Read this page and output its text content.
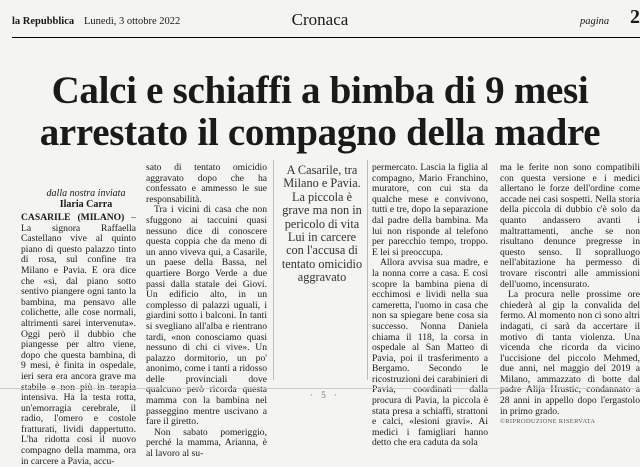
la Repubblica Lunedì, 3 ottobre 2022	Cronaca	pagina 2
Calci e schiaffi a bimba di 9 mesi
arrestato il compagno della madre
dalla nostra inviata
Ilaria Carra

CASARILE (MILANO) – La signora Raffaella Castellano vive al quinto piano di questo palazzo tinto di rosa, sul confine tra Milano e Pavia. E ora dice che «sì, dal piano sotto sentivo piangere ogni tanto la bambina, ma pensavo alle colichette, alle cose normali, altrimenti sarei intervenuta». Oggi però il dubbio che piangesse per altro viene, dopo che questa bambina, di 9 mesi, è finita in ospedale, ieri sera era ancora grave ma stabile e non più in terapia intensiva. Ha la testa rotta, un'emorragia cerebrale, il radio, l'omero e costole fratturati, lividi dappertutto. L'ha ridotta così il nuovo compagno della mamma, ora in carcere a Pavia, accu-

sato di tentato omicidio aggravato dopo che ha confessato e ammesso le sue responsabilità.

Tra i vicini di casa che non sfuggono ai taccuini quasi nessuno dice di conoscere questa coppia che da meno di un anno viveva qui, a Casarile, un paese della Bassa, nel quartiere Borgo Verde a due passi dalla statale dei Giovi. Un edificio alto, in un complesso di palazzi uguali, i giardini sotto i balconi. In tanti si svegliano all'alba e rientrano tardi, «non conosciamo quasi nessuno di chi ci vive». Un palazzo dormitorio, un po' anonimo, come i tanti a ridosso delle provinciali dove qualcuno però ricorda questa mamma con la bambina nel passeggino mentre uscivano a fare il giretto.

Non sabato pomeriggio, perché la mamma, Arianna, è al lavoro al su-

A Casarile, tra Milano e Pavia. La piccola è grave ma non in pericolo di vita Lui in carcere con l'accusa di tentato omicidio aggravato

permercato. Lascia la figlia al compagno, Mario Franchino, muratore, con cui sta da qualche mese e convivono, tutti e tre, dopo la separazione dal padre della bambina. Ma lui non risponde al telefono per parecchio tempo, troppo. E lei si preoccupa.

Allora avvisa sua madre, e la nonna corre a casa. E così scopre la bambina piena di ecchimosi e lividi nella sua cameretta, l'uomo in casa che non sa spiegare bene cosa sia successo. Nonna Daniela chiama il 118, la corsa in ospedale al San Matteo di Pavia, poi il trasferimento a Bergamo. Secondo le ricostruzioni dei carabinieri di Pavia, coordinati dalla procura di Pavia, la piccola è stata presa a schiaffi, strattoni e calci, «lesioni gravi». Ai medici i famigliari hanno detto che era caduta da sola

ma le ferite non sono compatibili con questa versione e i medici allertano le forze dell'ordine come accade nei casi sospetti. Nella storia della piccola di dubbio c'è solo da quanto andassero avanti i maltrattamenti, anche se non risultano denunce pregresse in questo senso. Il sopralluogo nell'abitazione ha permesso di trovare riscontri alle ammissioni dell'uomo, incensurato.

La procura nelle prossime ore chiederà al gip la convalida del fermo. Al momento non ci sono altri indagati, ci sarà da accertare il motivo di tanta violenza. Una vicenda che ricorda da vicino l'uccisione del piccolo Mehmed, due anni, nel maggio del 2019 a Milano, ammazzato di botte dal padre Alija Hrustic, condannato a 28 anni in appello dopo l'ergastolo in primo grado.

©RIPRODUZIONE RISERVATA

· 5 ·
